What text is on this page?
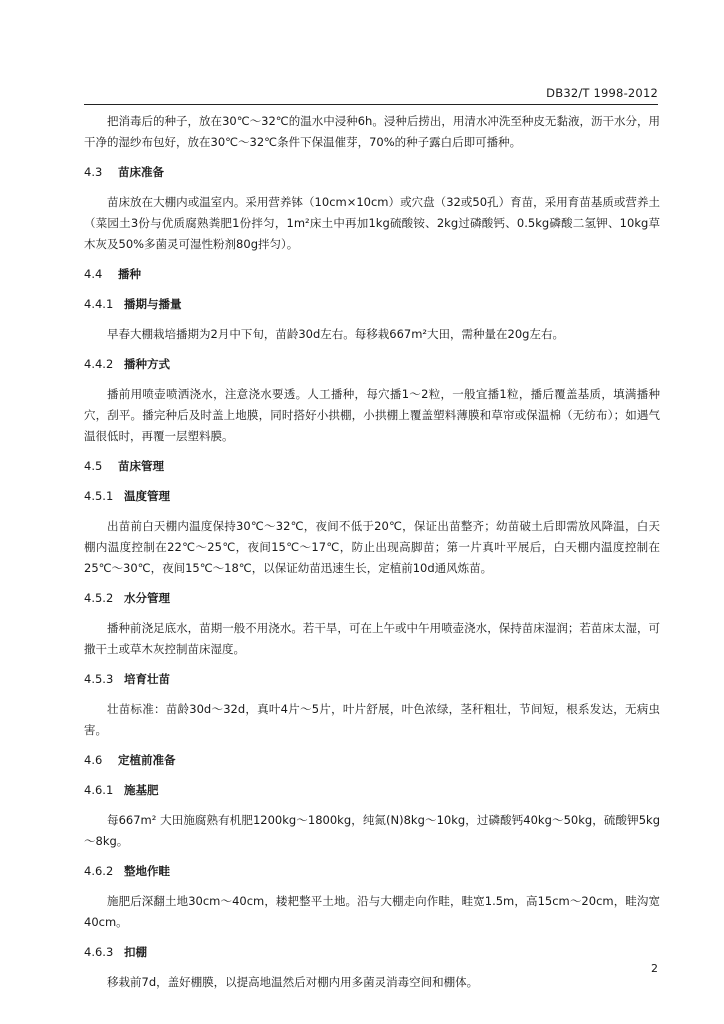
DB32/T 1998-2012

把消毒后的种子，放在30℃～32℃的温水中浸种6h。浸种后捞出，用清水冲洗至种皮无黏液，沥干水分，用干净的湿纱布包好，放在30℃～32℃条件下保温催芽，70%的种子露白后即可播种。

4.3 苗床准备

苗床放在大棚内或温室内。采用营养钵（10cm×10cm）或穴盘（32或50孔）育苗，采用育苗基质或营养土（菜园土3份与优质腐熟粪肥1份拌匀，1m²床土中再加1kg硫酸铵、2kg过磷酸钙、0.5kg磷酸二氢钾、10kg草木灰及50%多菌灵可湿性粉剂80g拌匀）。

4.4 播种
4.4.1 播期与播量

早春大棚栽培播期为2月中下旬，苗龄30d左右。每移栽667m²大田，需种量在20g左右。

4.4.2 播种方式

播前用喷壶喷洒浇水，注意浇水要透。人工播种，每穴播1～2粒，一般宜播1粒，播后覆盖基质，填满播种穴，刮平。播完种后及时盖上地膜，同时搭好小拱棚，小拱棚上覆盖塑料薄膜和草帘或保温棉（无纺布）；如遇气温很低时，再覆一层塑料膜。

4.5 苗床管理
4.5.1 温度管理

出苗前白天棚内温度保持30℃～32℃，夜间不低于20℃，保证出苗整齐；幼苗破土后即需放风降温，白天棚内温度控制在22℃～25℃，夜间15℃～17℃，防止出现高脚苗；第一片真叶平展后，白天棚内温度控制在25℃～30℃，夜间15℃～18℃，以保证幼苗迅速生长，定植前10d通风炼苗。

4.5.2 水分管理

播种前浇足底水，苗期一般不用浇水。若干旱，可在上午或中午用喷壶浇水，保持苗床湿润；若苗床太湿，可撒干土或草木灰控制苗床湿度。

4.5.3 培育壮苗

壮苗标准：苗龄30d～32d，真叶4片～5片，叶片舒展，叶色浓绿，茎秆粗壮，节间短，根系发达，无病虫害。

4.6 定植前准备
4.6.1 施基肥

每667m² 大田施腐熟有机肥1200kg～1800kg，纯氮(N)8kg～10kg，过磷酸钙40kg～50kg，硫酸钾5kg～8kg。

4.6.2 整地作畦

施肥后深翻土地30cm～40cm，耧耙整平土地。沿与大棚走向作畦，畦宽1.5m，高15cm～20cm，畦沟宽40cm。

4.6.3 扣棚

移栽前7d，盖好棚膜，以提高地温然后对棚内用多菌灵消毒空间和棚体。

2
